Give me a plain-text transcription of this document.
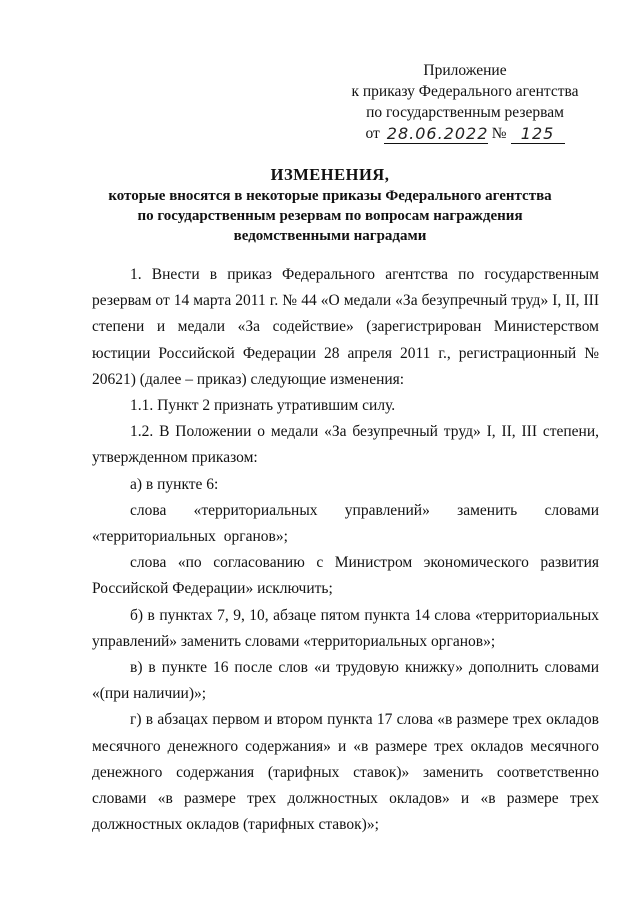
Приложение
к приказу Федерального агентства
по государственным резервам
от 28.06.2022 № 125
ИЗМЕНЕНИЯ,
которые вносятся в некоторые приказы Федерального агентства
по государственным резервам по вопросам награждения
ведомственными наградами

1. Внести в приказ Федерального агентства по государственным резервам от 14 марта 2011 г. № 44 «О медали «За безупречный труд» I, II, III степени и медали «За содействие» (зарегистрирован Министерством юстиции Российской Федерации 28 апреля 2011 г., регистрационный № 20621) (далее – приказ) следующие изменения:

1.1. Пункт 2 признать утратившим силу.

1.2. В Положении о медали «За безупречный труд» I, II, III степени, утвержденном приказом:

а) в пункте 6:

слова «территориальных управлений» заменить словами «территориальных органов»;

слова «по согласованию с Министром экономического развития Российской Федерации» исключить;

б) в пунктах 7, 9, 10, абзаце пятом пункта 14 слова «территориальных управлений» заменить словами «территориальных органов»;

в) в пункте 16 после слов «и трудовую книжку» дополнить словами «(при наличии)»;

г) в абзацах первом и втором пункта 17 слова «в размере трех окладов месячного денежного содержания» и «в размере трех окладов месячного денежного содержания (тарифных ставок)» заменить соответственно словами «в размере трех должностных окладов» и «в размере трех должностных окладов (тарифных ставок)»;
